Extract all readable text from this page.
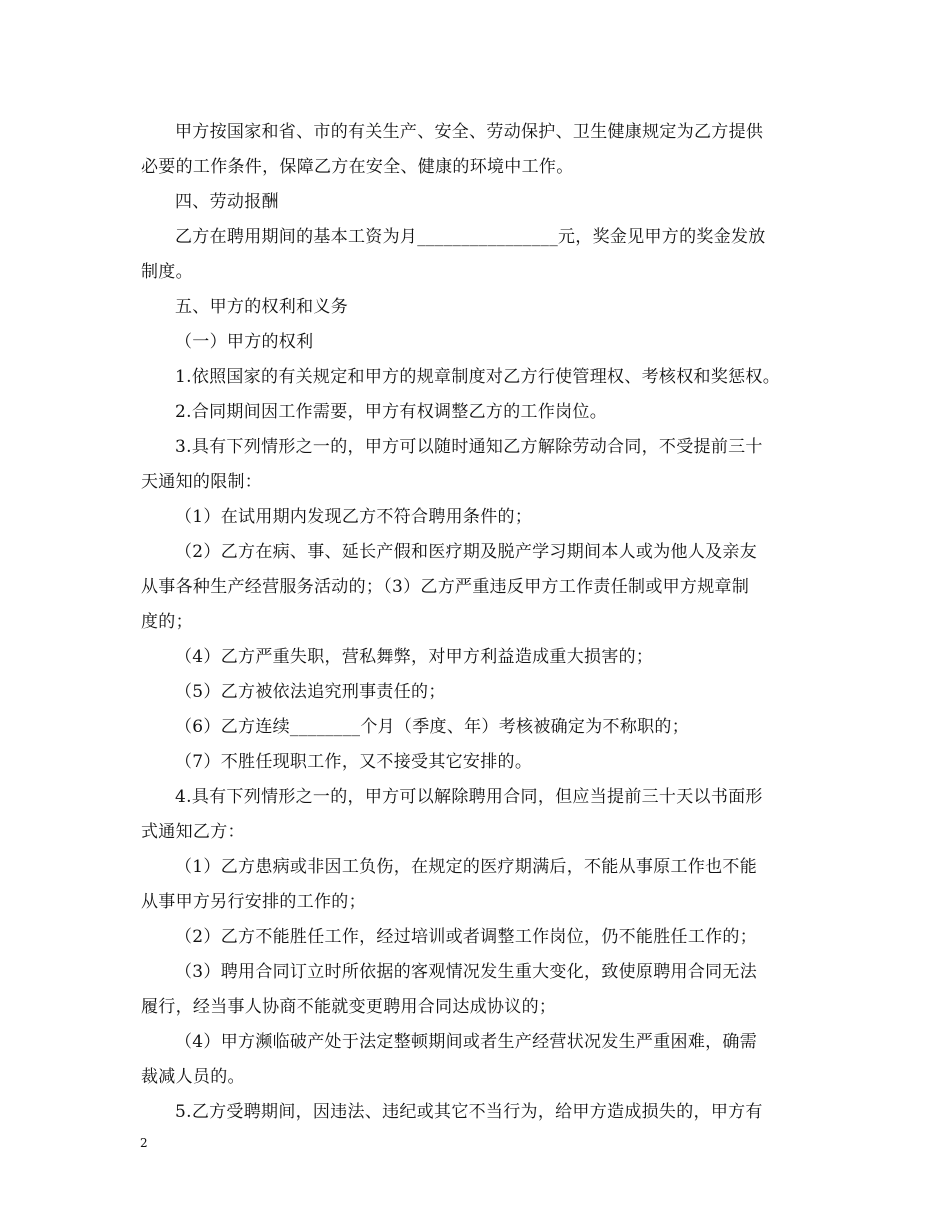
甲方按国家和省、市的有关生产、安全、劳动保护、卫生健康规定为乙方提供
必要的工作条件，保障乙方在安全、健康的环境中工作。
四、劳动报酬
乙方在聘用期间的基本工资为月________________元，奖金见甲方的奖金发放
制度。
五、甲方的权利和义务
（一）甲方的权利
1.依照国家的有关规定和甲方的规章制度对乙方行使管理权、考核权和奖惩权。
2.合同期间因工作需要，甲方有权调整乙方的工作岗位。
3.具有下列情形之一的，甲方可以随时通知乙方解除劳动合同，不受提前三十
天通知的限制：
（1）在试用期内发现乙方不符合聘用条件的；
（2）乙方在病、事、延长产假和医疗期及脱产学习期间本人或为他人及亲友
从事各种生产经营服务活动的；（3）乙方严重违反甲方工作责任制或甲方规章制
度的；
（4）乙方严重失职，营私舞弊，对甲方利益造成重大损害的；
（5）乙方被依法追究刑事责任的；
（6）乙方连续________个月（季度、年）考核被确定为不称职的；
（7）不胜任现职工作，又不接受其它安排的。
4.具有下列情形之一的，甲方可以解除聘用合同，但应当提前三十天以书面形
式通知乙方：
（1）乙方患病或非因工负伤，在规定的医疗期满后，不能从事原工作也不能
从事甲方另行安排的工作的；
（2）乙方不能胜任工作，经过培训或者调整工作岗位，仍不能胜任工作的；
（3）聘用合同订立时所依据的客观情况发生重大变化，致使原聘用合同无法
履行，经当事人协商不能就变更聘用合同达成协议的；
（4）甲方濒临破产处于法定整顿期间或者生产经营状况发生严重困难，确需
裁减人员的。
5.乙方受聘期间，因违法、违纪或其它不当行为，给甲方造成损失的，甲方有
2
